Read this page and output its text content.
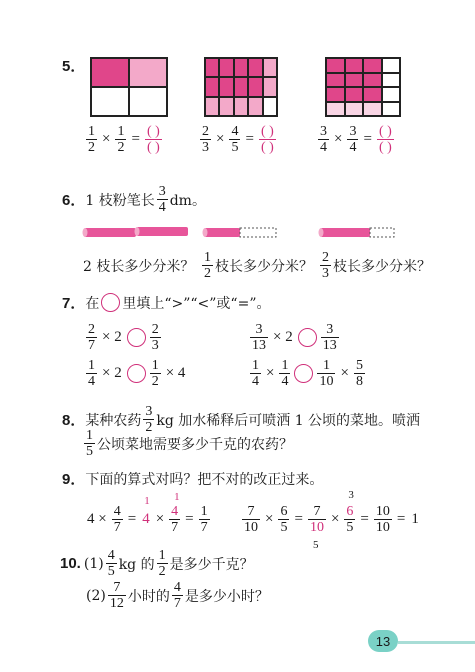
5．
$\frac{1}{2} \times \frac{1}{2} = \frac{( )}{( )}$	$\frac{2}{3} \times \frac{4}{5} = \frac{( )}{( )}$	$\frac{3}{4} \times \frac{3}{4} = \frac{( )}{( )}$
6． 1 枝粉笔长 $\frac{3}{4}$ dm。
2 枝长多少分米？ $\frac{1}{2}$ 枝长多少分米？ $\frac{2}{3}$ 枝长多少分米？
7． 在 里填上“>”“<”或“=”。
$\frac{2}{7} \times 2 \frac{2}{3}$	$\frac{3}{13} \times 2 \frac{3}{13}$
$\frac{1}{4} \times 2 \frac{1}{2} \times 4$	$\frac{1}{4} \times \frac{1}{4} \frac{1}{10} \times \frac{5}{8}$
8． 某种农药 $\frac{3}{2}$ kg 加水稀释后可喷洒 1 公顷的菜地。喷洒
$\frac{1}{5}$ 公顷菜地需要多少千克的农药？
9． 下面的算式对吗？把不对的改正过来。
$4 \times \frac{4}{7} = 4$
1
× 4
7
1
= $\frac{1}{7} \frac{7}{10} \times \frac{6}{5} = 7$
10
5
× 6
5
3
= $\frac{10}{10} = 1$
10. $(1) \frac{4}{5}$ kg 的 $\frac{1}{2}$ 是多少千克？
$(2) \frac{7}{12}$ 小时的 $\frac{4}{7}$ 是多少小时？
13
